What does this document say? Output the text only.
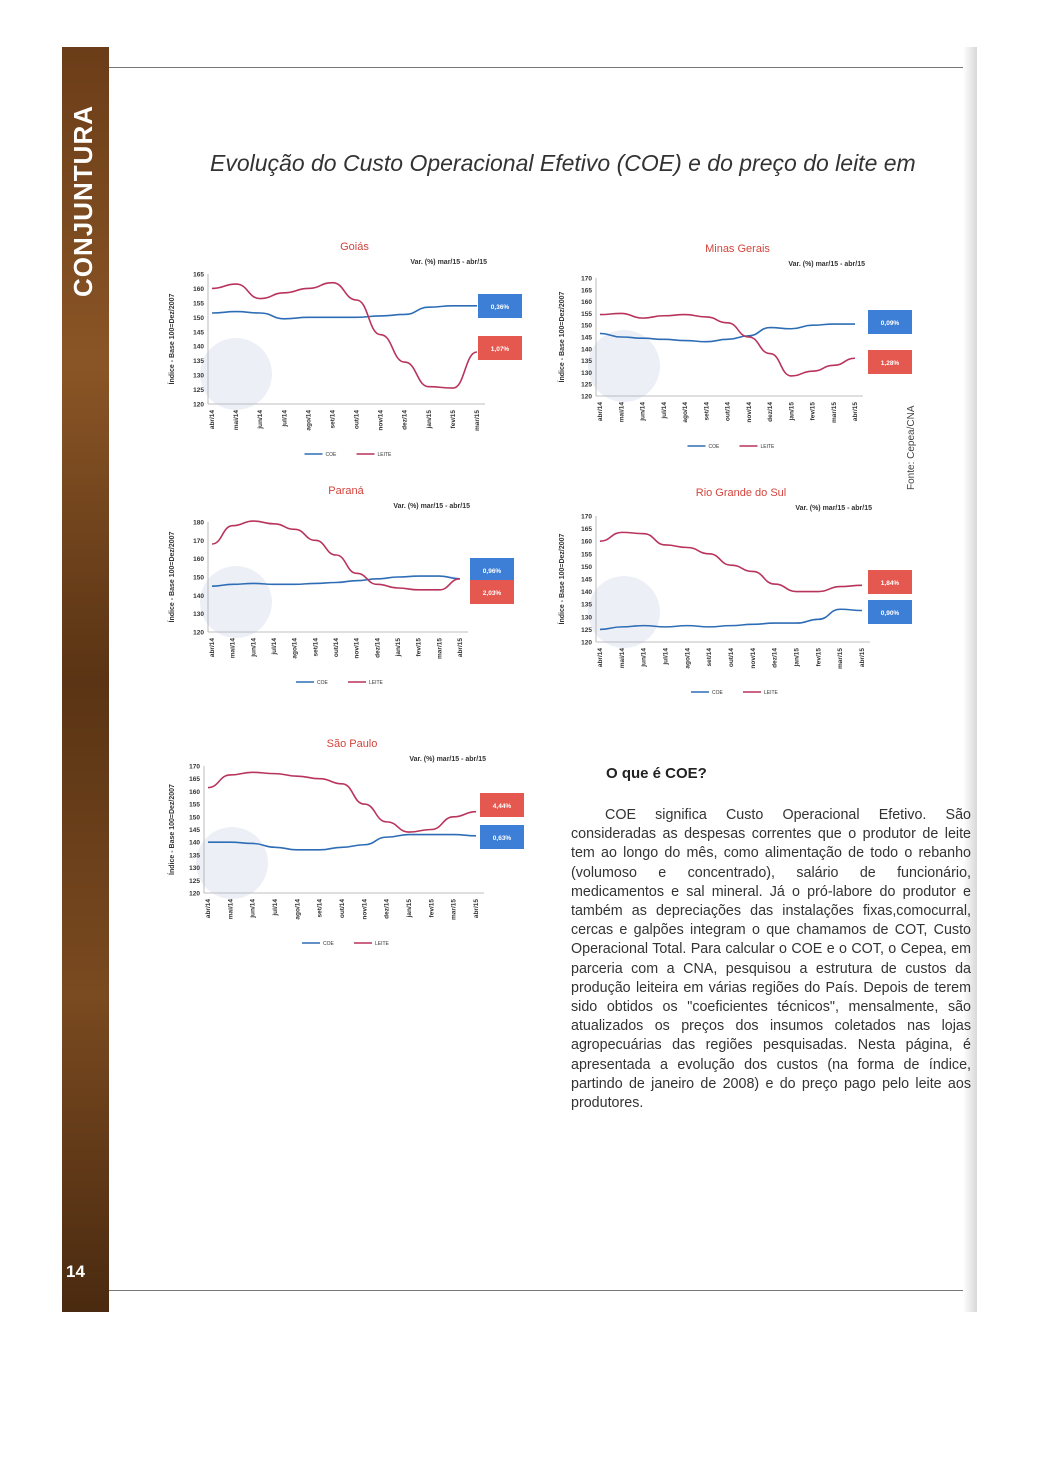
14
Evolução do Custo Operacional Efetivo (COE) e do preço do leite em
Goiás
Var. (%) mar/15 - abr/15
Índice - Base 100=Dez/2007
120
125
130
135
140
145
150
155
160
165
abr/14	mai/14	jun/14	jul/14	ago/14	set/14	out/14	nov/14	dez/14	jan/15	fev/15	mar/15
COE	LEITE
0,36%
1,07%
Minas Gerais
Var. (%) mar/15 - abr/15
Índice - Base 100=Dez/2007
120
125
130
135
140
145
150
155
160
165
170
abr/14 mai/14 jun/14 jul/14 ago/14 set/14 out/14 nov/14 dez/14 jan/15 fev/15 mar/15 abr/15
COE	LEITE
0,09%
1,28%
Paraná
Var. (%) mar/15 - abr/15
Índice - Base 100=Dez/2007
120
130
140
150
160
170
180
abr/14 mai/14 jun/14 jul/14 ago/14 set/14 out/14 nov/14 dez/14 jan/15 fev/15 mar/15 abr/15
COE	LEITE
0,96%
2,03%
Rio Grande do Sul
Var. (%) mar/15 - abr/15
Índice - Base 100=Dez/2007
120
125
130
135
140
145
150
155
160
165
170
abr/14 mai/14 jun/14 jul/14 ago/14 set/14 out/14 nov/14 dez/14 jan/15 fev/15 mar/15 abr/15
COE	LEITE
1,84%
0,90%
São Paulo
Var. (%) mar/15 - abr/15
Índice - Base 100=Dez/2007
120
125
130
135
140
145
150
155
160
165
170
abr/14 mai/14 jun/14 jul/14 ago/14 set/14 out/14 nov/14 dez/14 jan/15 fev/15 mar/15 abr/15
COE	LEITE
4,44%
0,63%
Fonte: Cepea/CNA
O que é COE?
COE significa Custo Operacional Efetivo. São consideradas as despesas correntes que o produtor de leite tem ao longo do mês, como alimentação de todo o rebanho (volumoso e concentrado), salário de funcionário, medicamentos e sal mineral. Já o pró-labore do produtor e também as depreciações das instalações fixas,comocurral, cercas e galpões integram o que chamamos de COT, Custo Operacional Total. Para calcular o COE e o COT, o Cepea, em parceria com a CNA, pesquisou a estrutura de custos da produção leiteira em várias regiões do País. Depois de terem sido obtidos os "coeficientes técnicos", mensalmente, são atualizados os preços dos insumos coletados nas lojas agropecuárias das regiões pesquisadas. Nesta página, é apresentada a evolução dos custos (na forma de índice, partindo de janeiro de 2008) e do preço pago pelo leite aos produtores.
